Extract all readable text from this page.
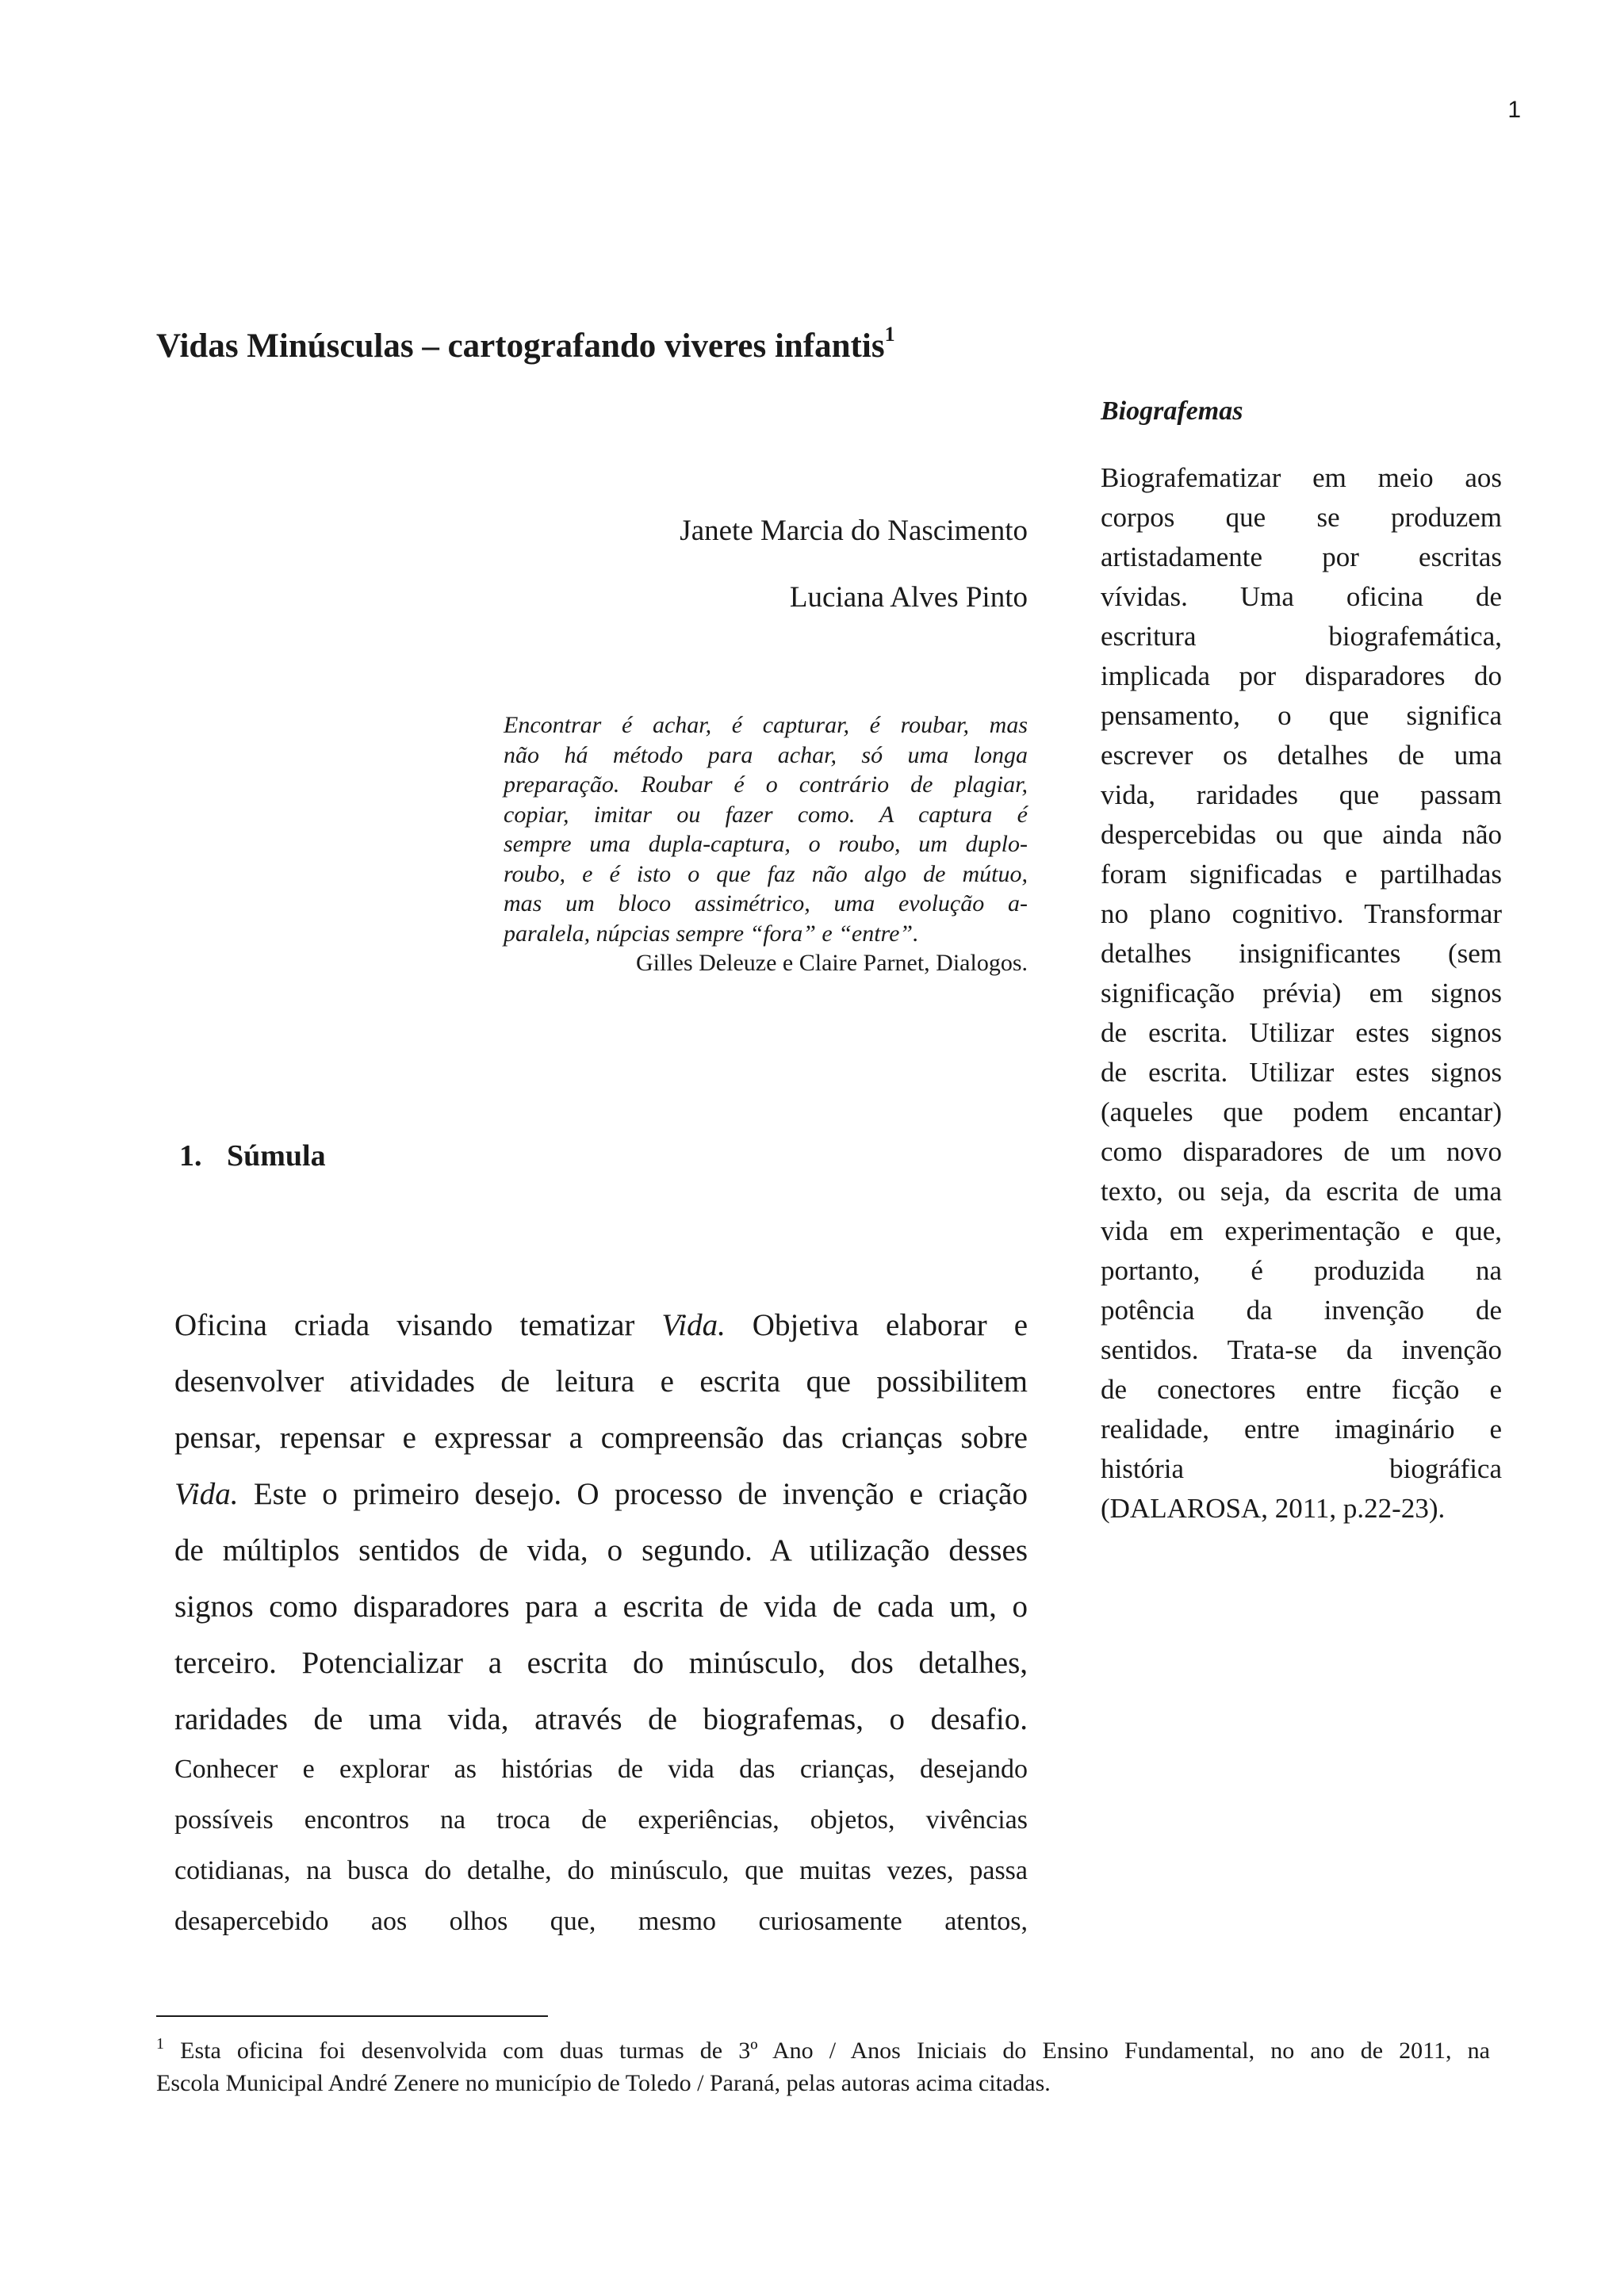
1
Vidas Minúsculas – cartografando viveres infantis$^1$
Janete Marcia do Nascimento
Luciana Alves Pinto
Encontrar é achar, é capturar, é roubar, mas
não há método para achar, só uma longa
preparação. Roubar é o contrário de plagiar,
copiar, imitar ou fazer como. A captura é
sempre uma dupla-captura, o roubo, um duplo-
roubo, e é isto o que faz não algo de mútuo,
mas um bloco assimétrico, uma evolução a-
paralela, núpcias sempre “fora” e “entre”.
Gilles Deleuze e Claire Parnet, Dialogos.
1. Súmula
Oficina criada visando tematizar Vida. Objetiva elaborar e
desenvolver atividades de leitura e escrita que possibilitem
pensar, repensar e expressar a compreensão das crianças sobre
Vida. Este o primeiro desejo. O processo de invenção e criação
de múltiplos sentidos de vida, o segundo. A utilização desses
signos como disparadores para a escrita de vida de cada um, o
terceiro. Potencializar a escrita do minúsculo, dos detalhes,
raridades de uma vida, através de biografemas, o desafio.
Conhecer e explorar as histórias de vida das crianças, desejando
possíveis encontros na troca de experiências, objetos, vivências
cotidianas, na busca do detalhe, do minúsculo, que muitas vezes, passa
desapercebido aos olhos que, mesmo curiosamente atentos,
Biografemas
Biografematizar em meio aos
corpos que se produzem
artistadamente por escritas
vívidas. Uma oficina de
escritura biografemática,
implicada por disparadores do
pensamento, o que significa
escrever os detalhes de uma
vida, raridades que passam
despercebidas ou que ainda não
foram significadas e partilhadas
no plano cognitivo. Transformar
detalhes insignificantes (sem
significação prévia) em signos
de escrita. Utilizar estes signos
de escrita. Utilizar estes signos
(aqueles que podem encantar)
como disparadores de um novo
texto, ou seja, da escrita de uma
vida em experimentação e que,
portanto, é produzida na
potência da invenção de
sentidos. Trata-se da invenção
de conectores entre ficção e
realidade, entre imaginário e
história biográfica
(DALAROSA, 2011, p.22-23).
$^1$ Esta oficina foi desenvolvida com duas turmas de 3º Ano / Anos Iniciais do Ensino Fundamental, no ano de 2011, na
Escola Municipal André Zenere no município de Toledo / Paraná, pelas autoras acima citadas.
